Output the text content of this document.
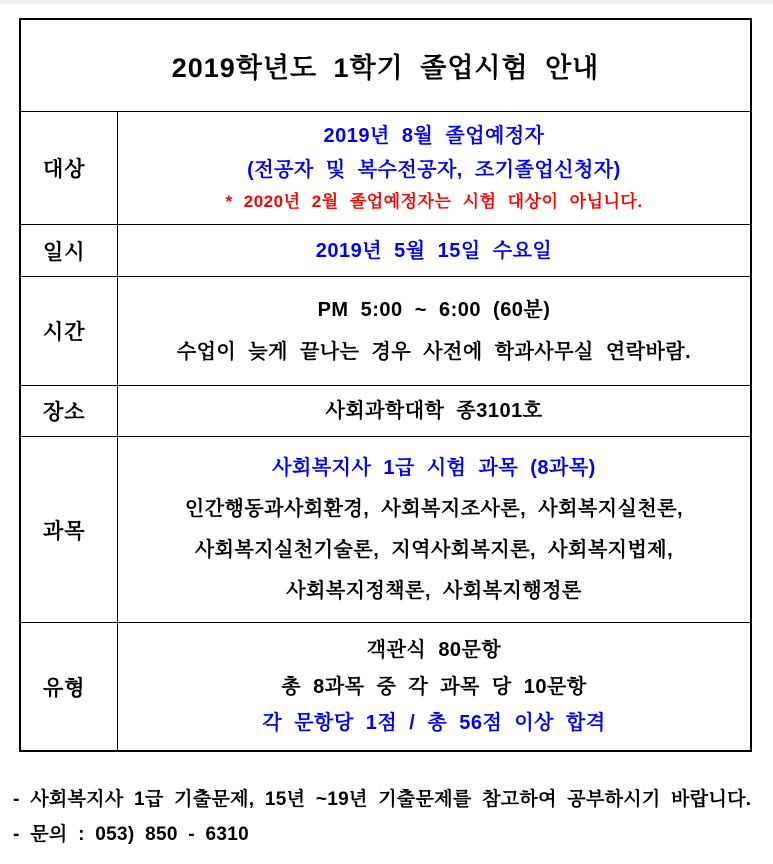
2019학년도 1학기 졸업시험 안내
대상
2019년 8월 졸업예정자
(전공자 및 복수전공자, 조기졸업신청자)
* 2020년 2월 졸업예정자는 시험 대상이 아닙니다.
일시	2019년 5월 15일 수요일
시간
PM 5:00 ~ 6:00 (60분)
수업이 늦게 끝나는 경우 사전에 학과사무실 연락바람.
장소	사회과학대학 종3101호
과목
사회복지사 1급 시험 과목 (8과목)
인간행동과사회환경, 사회복지조사론, 사회복지실천론,
사회복지실천기술론, 지역사회복지론, 사회복지법제,
사회복지정책론, 사회복지행정론
유형
객관식 80문항
총 8과목 중 각 과목 당 10문항
각 문항당 1점 / 총 56점 이상 합격
- 사회복지사 1급 기출문제, 15년 ~19년 기출문제를 참고하여 공부하시기 바랍니다.
- 문의 : 053) 850 - 6310
